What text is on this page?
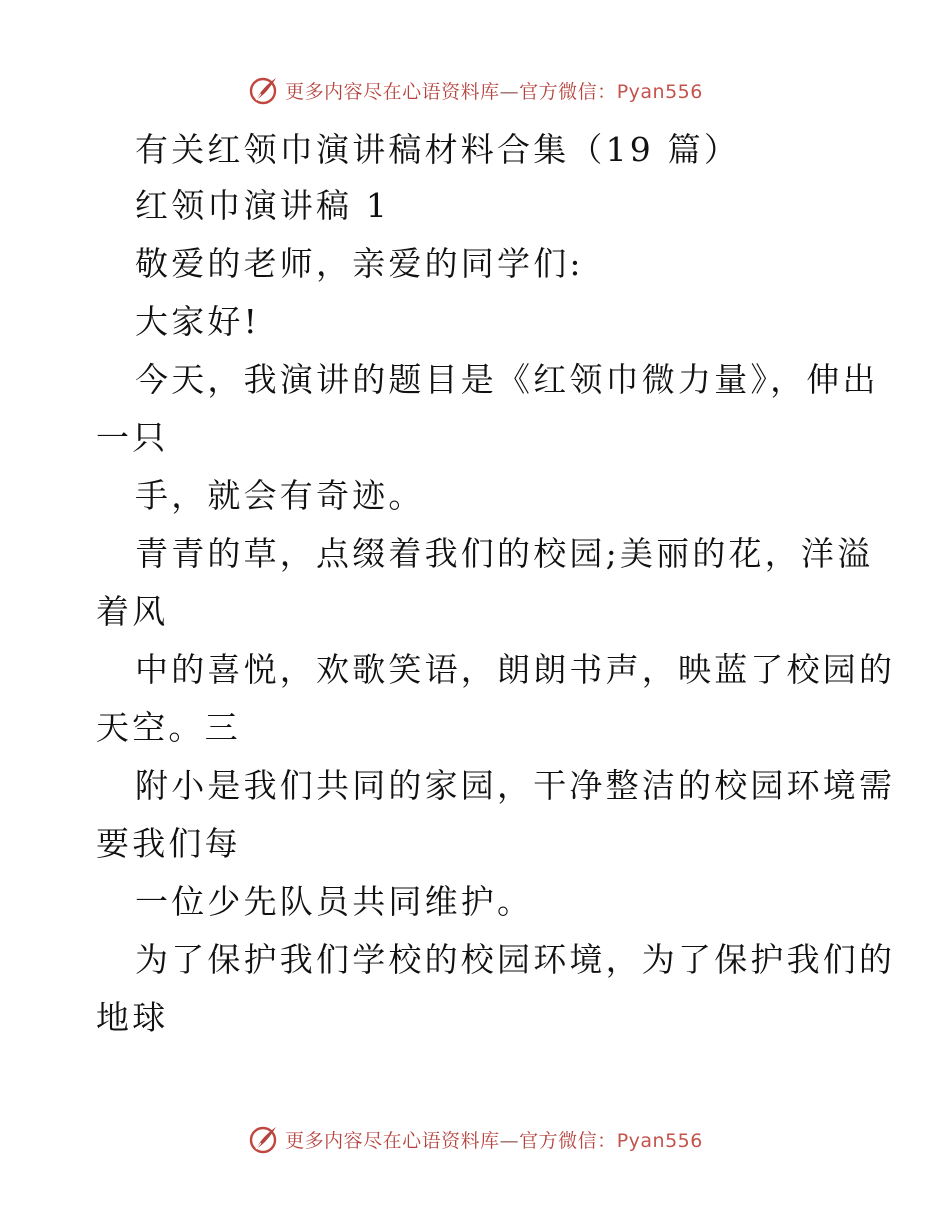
更多内容尽在心语资料库—官方微信：Pyan556
有关红领巾演讲稿材料合集（19 篇）
红领巾演讲稿 1
敬爱的老师，亲爱的同学们:
大家好!
今天，我演讲的题目是《红领巾微力量》，伸出
一只
手，就会有奇迹。
青青的草，点缀着我们的校园;美丽的花，洋溢
着风
中的喜悦，欢歌笑语，朗朗书声，映蓝了校园的
天空。三
附小是我们共同的家园，干净整洁的校园环境需
要我们每
一位少先队员共同维护。
为了保护我们学校的校园环境，为了保护我们的
地球
更多内容尽在心语资料库—官方微信：Pyan556
